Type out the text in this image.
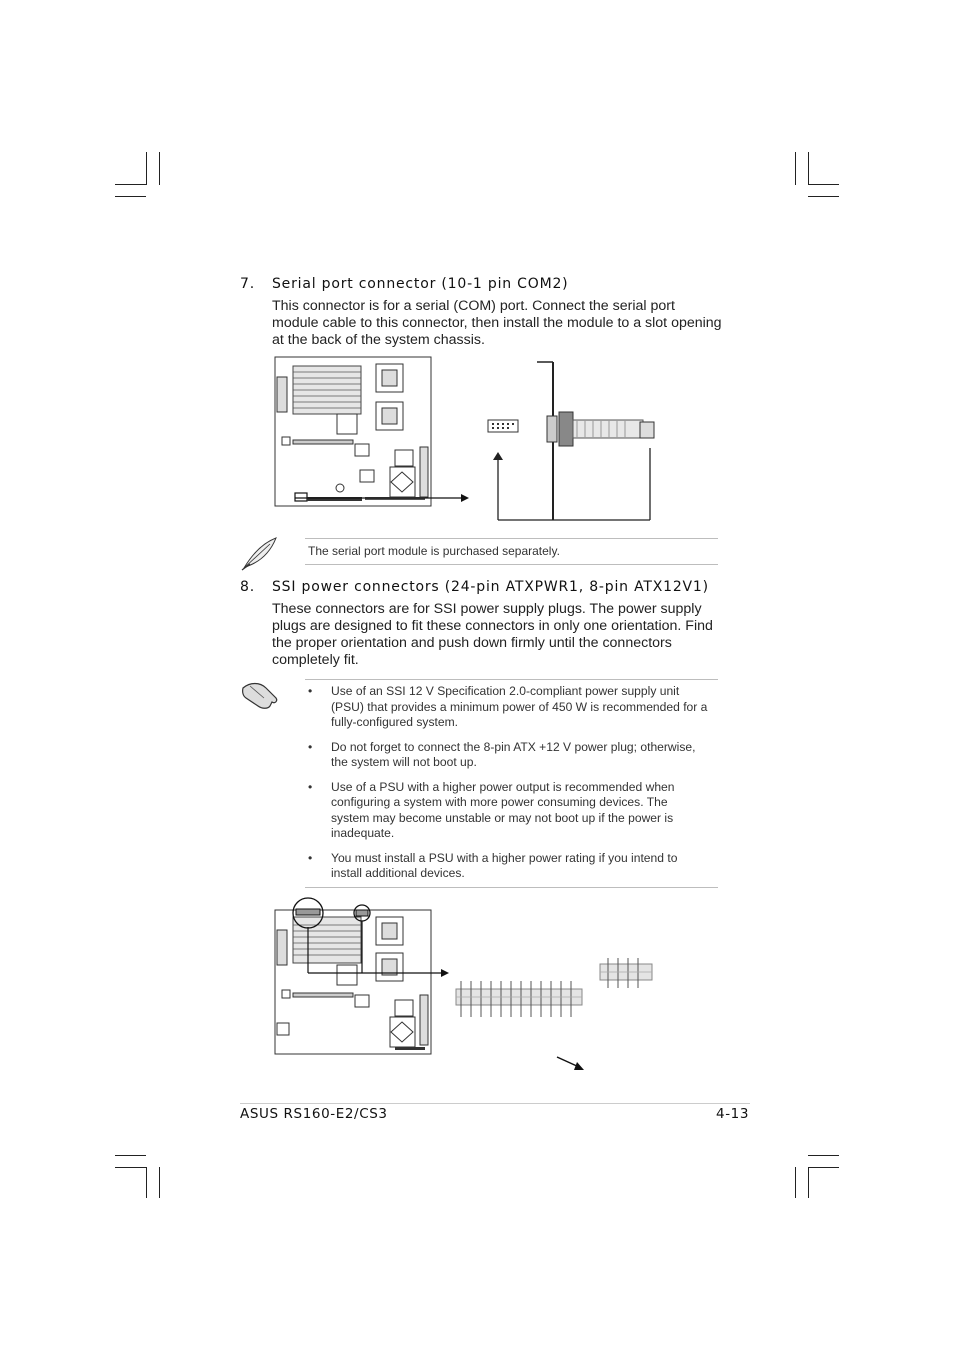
7. Serial port connector (10-1 pin COM2)
This connector is for a serial (COM) port. Connect the serial port module cable to this connector, then install the module to a slot opening at the back of the system chassis.
The serial port module is purchased separately.
8. SSI power connectors (24-pin ATXPWR1, 8-pin ATX12V1)
These connectors are for SSI power supply plugs. The power supply plugs are designed to fit these connectors in only one orientation. Find the proper orientation and push down firmly until the connectors completely fit.
• Use of an SSI 12 V Specification 2.0-compliant power supply unit (PSU) that provides a minimum power of 450 W is recommended for a fully-configured system.
• Do not forget to connect the 8-pin ATX +12 V power plug; otherwise, the system will not boot up.
• Use of a PSU with a higher power output is recommended when configuring a system with more power consuming devices. The system may become unstable or may not boot up if the power is inadequate.
• You must install a PSU with a higher power rating if you intend to install additional devices.
ASUS RS160-E2/CS3	4-13
